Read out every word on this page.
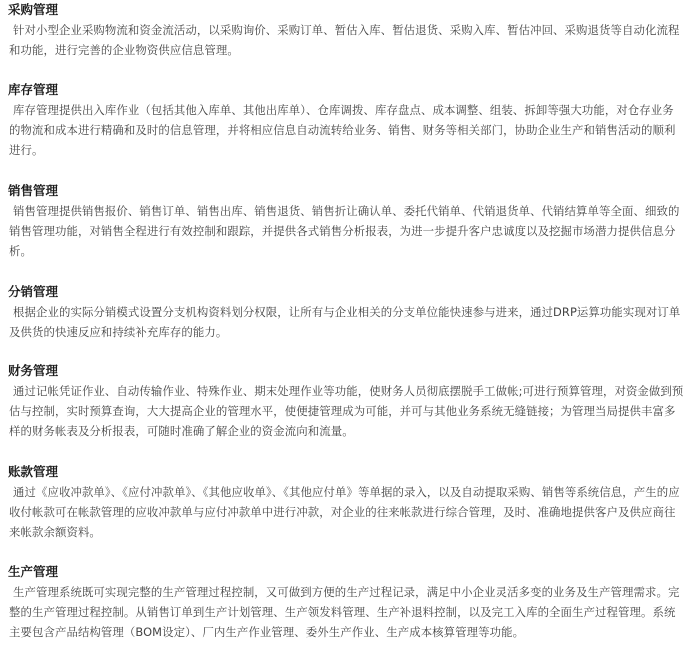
采购管理
针对小型企业采购物流和资金流活动，以采购询价、采购订单、暂估入库、暂估退货、采购入库、暂估冲回、采购退货等自动化流程和功能，进行完善的企业物资供应信息管理。
库存管理
库存管理提供出入库作业（包括其他入库单、其他出库单）、仓库调拨、库存盘点、成本调整、组装、拆卸等强大功能，对仓存业务的物流和成本进行精确和及时的信息管理，并将相应信息自动流转给业务、销售、财务等相关部门，协助企业生产和销售活动的顺利进行。
销售管理
销售管理提供销售报价、销售订单、销售出库、销售退货、销售折让确认单、委托代销单、代销退货单、代销结算单等全面、细致的销售管理功能，对销售全程进行有效控制和跟踪，并提供各式销售分析报表，为进一步提升客户忠诚度以及挖掘市场潜力提供信息分析。
分销管理
根据企业的实际分销模式设置分支机构资料划分权限，让所有与企业相关的分支单位能快速参与进来，通过DRP运算功能实现对订单及供货的快速反应和持续补充库存的能力。
财务管理
通过记帐凭证作业、自动传输作业、特殊作业、期末处理作业等功能，使财务人员彻底摆脱手工做帐;可进行预算管理，对资金做到预估与控制，实时预算查询，大大提高企业的管理水平，使便捷管理成为可能，并可与其他业务系统无缝链接；为管理当局提供丰富多样的财务帐表及分析报表，可随时准确了解企业的资金流向和流量。
账款管理
通过《应收冲款单》、《应付冲款单》、《其他应收单》、《其他应付单》等单据的录入，以及自动提取采购、销售等系统信息，产生的应收付帐款可在帐款管理的应收冲款单与应付冲款单中进行冲款，对企业的往来帐款进行综合管理，及时、准确地提供客户及供应商往来帐款余额资料。
生产管理
生产管理系统既可实现完整的生产管理过程控制，又可做到方便的生产过程记录，满足中小企业灵活多变的业务及生产管理需求。完整的生产管理过程控制。从销售订单到生产计划管理、生产领发料管理、生产补退料控制，以及完工入库的全面生产过程管理。系统主要包含产品结构管理（BOM设定）、厂内生产作业管理、委外生产作业、生产成本核算管理等功能。
